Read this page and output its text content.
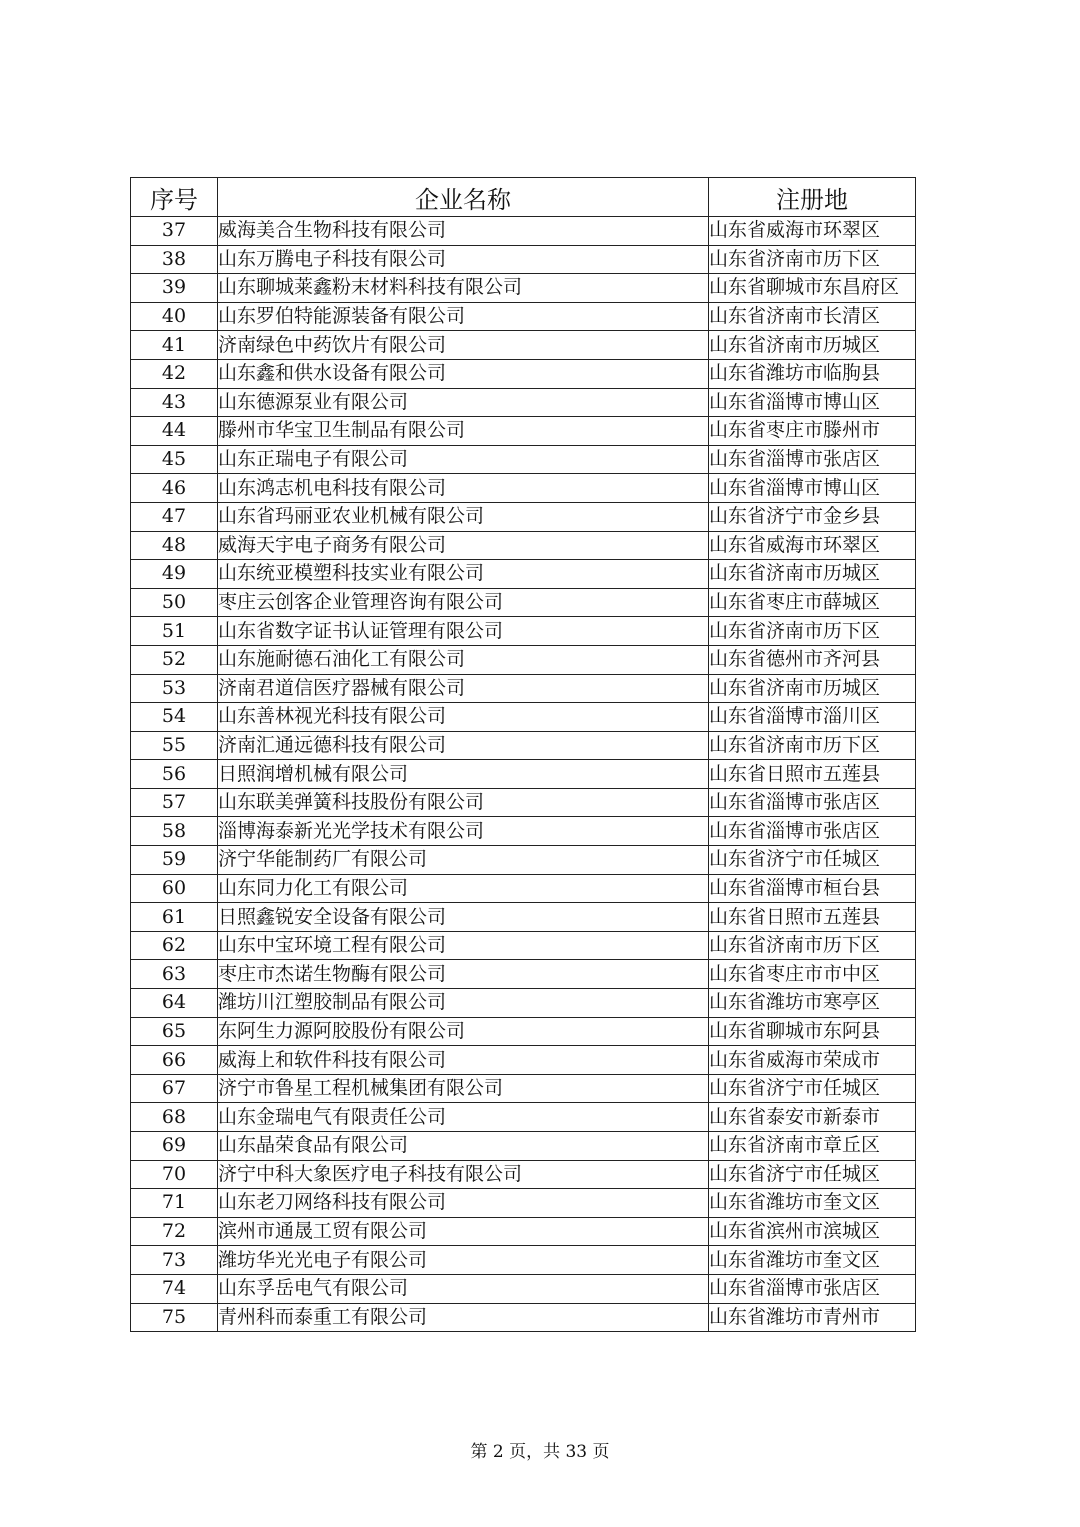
序号	企业名称	注册地
37	威海美合生物科技有限公司	山东省威海市环翠区
38	山东万腾电子科技有限公司	山东省济南市历下区
39	山东聊城莱鑫粉末材料科技有限公司	山东省聊城市东昌府区
40	山东罗伯特能源装备有限公司	山东省济南市长清区
41	济南绿色中药饮片有限公司	山东省济南市历城区
42	山东鑫和供水设备有限公司	山东省潍坊市临朐县
43	山东德源泵业有限公司	山东省淄博市博山区
44	滕州市华宝卫生制品有限公司	山东省枣庄市滕州市
45	山东正瑞电子有限公司	山东省淄博市张店区
46	山东鸿志机电科技有限公司	山东省淄博市博山区
47	山东省玛丽亚农业机械有限公司	山东省济宁市金乡县
48	威海天宇电子商务有限公司	山东省威海市环翠区
49	山东统亚模塑科技实业有限公司	山东省济南市历城区
50	枣庄云创客企业管理咨询有限公司	山东省枣庄市薛城区
51	山东省数字证书认证管理有限公司	山东省济南市历下区
52	山东施耐德石油化工有限公司	山东省德州市齐河县
53	济南君道信医疗器械有限公司	山东省济南市历城区
54	山东善林视光科技有限公司	山东省淄博市淄川区
55	济南汇通远德科技有限公司	山东省济南市历下区
56	日照润增机械有限公司	山东省日照市五莲县
57	山东联美弹簧科技股份有限公司	山东省淄博市张店区
58	淄博海泰新光光学技术有限公司	山东省淄博市张店区
59	济宁华能制药厂有限公司	山东省济宁市任城区
60	山东同力化工有限公司	山东省淄博市桓台县
61	日照鑫锐安全设备有限公司	山东省日照市五莲县
62	山东中宝环境工程有限公司	山东省济南市历下区
63	枣庄市杰诺生物酶有限公司	山东省枣庄市市中区
64	潍坊川江塑胶制品有限公司	山东省潍坊市寒亭区
65	东阿生力源阿胶股份有限公司	山东省聊城市东阿县
66	威海上和软件科技有限公司	山东省威海市荣成市
67	济宁市鲁星工程机械集团有限公司	山东省济宁市任城区
68	山东金瑞电气有限责任公司	山东省泰安市新泰市
69	山东晶荣食品有限公司	山东省济南市章丘区
70	济宁中科大象医疗电子科技有限公司	山东省济宁市任城区
71	山东老刀网络科技有限公司	山东省潍坊市奎文区
72	滨州市通晟工贸有限公司	山东省滨州市滨城区
73	潍坊华光光电子有限公司	山东省潍坊市奎文区
74	山东孚岳电气有限公司	山东省淄博市张店区
75	青州科而泰重工有限公司	山东省潍坊市青州市
第 2 页，共 33 页
